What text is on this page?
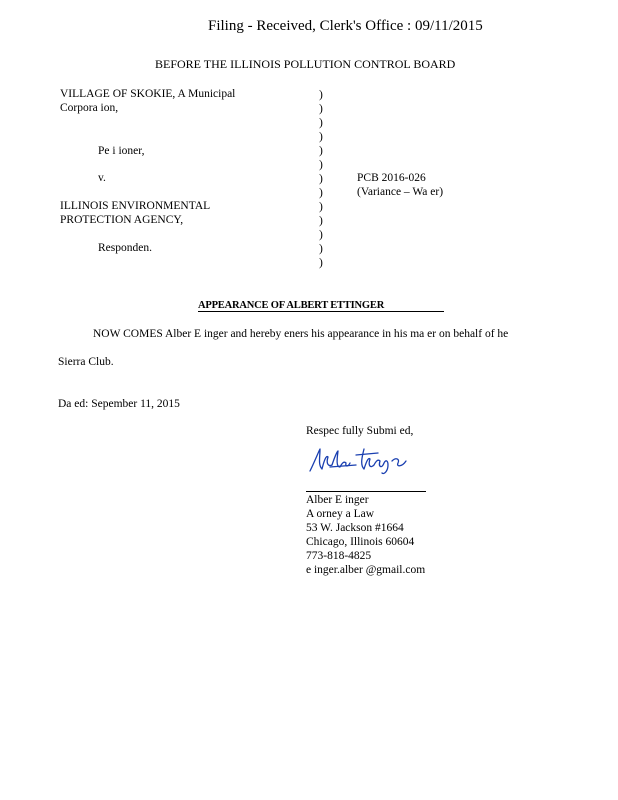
Filing - Received, Clerk's Office : 09/11/2015
BEFORE THE ILLINOIS POLLUTION CONTROL BOARD
VILLAGE OF SKOKIE, A Municipal
Corpora ion,
Pe i ioner,
v.
ILLINOIS ENVIRONMENTAL
PROTECTION AGENCY,
Responden.
)
)
)
)
)
)
)
)
)
)
)
)
)
PCB 2016-026
(Variance – Wa er)
APPEARANCE OF ALBERT ETTINGER
NOW COMES Alber E inger and hereby eners his appearance in his ma er on behalf of he
Sierra Club.
Da ed: Sepember 11, 2015
Respec fully Submi ed,
Alber E inger
A orney a Law
53 W. Jackson #1664
Chicago, Illinois 60604
773-818-4825
e inger.alber @gmail.com
